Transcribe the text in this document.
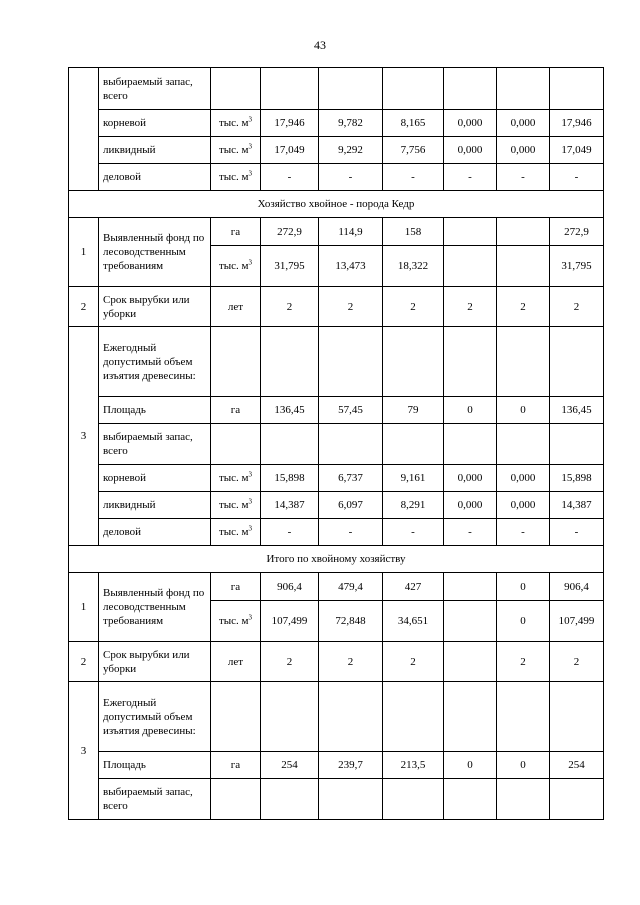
43
	выбираемый запас, всего							
	корневой	тыс. $м^3$	17,946	9,782	8,165	0,000	0,000	17,946
	ликвидный	тыс. $м^3$	17,049	9,292	7,756	0,000	0,000	17,049
	деловой	тыс. $м^3$	-	-	-	-	-	-
Хозяйство хвойное - порода Кедр								
1	Выявленный фонд по лесоводственным требованиям	га	272,9	114,9	158			272,9
		тыс. $м^3$	31,795	13,473	18,322			31,795
2	Срок вырубки или уборки	лет	2	2	2	2	2	2
3	Ежегодный допустимый объем изъятия древесины:							
	Площадь	га	136,45	57,45	79	0	0	136,45
	выбираемый запас, всего							
	корневой	тыс. $м^3$	15,898	6,737	9,161	0,000	0,000	15,898
	ликвидный	тыс. $м^3$	14,387	6,097	8,291	0,000	0,000	14,387
	деловой	тыс. $м^3$	-	-	-	-	-	-
Итого по хвойному хозяйству								
1	Выявленный фонд по лесоводственным требованиям	га	906,4	479,4	427		0	906,4
		тыс. $м^3$	107,499	72,848	34,651		0	107,499
2	Срок вырубки или уборки	лет	2	2	2		2	2
3	Ежегодный допустимый объем изъятия древесины:							
	Площадь	га	254	239,7	213,5	0	0	254
	выбираемый запас, всего							
